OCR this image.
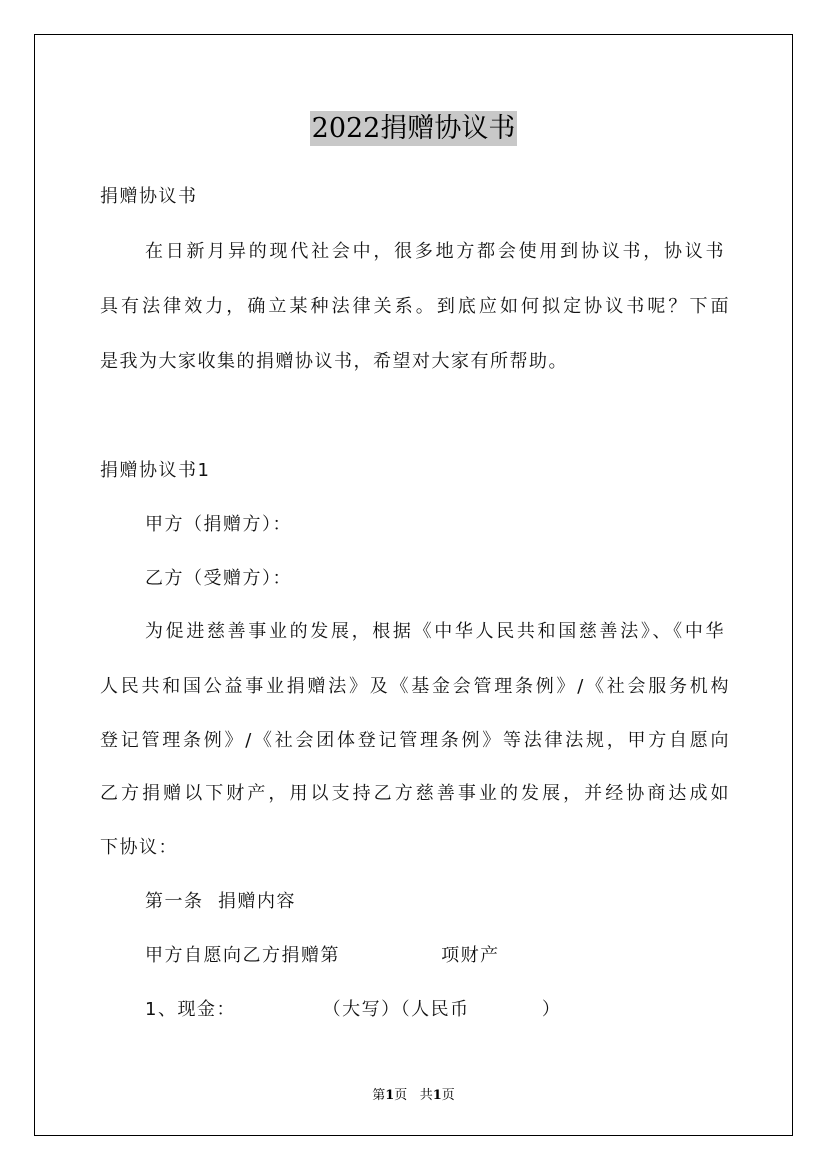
2022捐赠协议书
捐赠协议书
在日新月异的现代社会中，很多地方都会使用到协议书，协议书
具有法律效力，确立某种法律关系。到底应如何拟定协议书呢？下面
是我为大家收集的捐赠协议书，希望对大家有所帮助。
捐赠协议书1
甲方（捐赠方）：
乙方（受赠方）：
为促进慈善事业的发展，根据《中华人民共和国慈善法》、《中华
人民共和国公益事业捐赠法》及《基金会管理条例》/《社会服务机构
登记管理条例》/《社会团体登记管理条例》等法律法规，甲方自愿向
乙方捐赠以下财产，用以支持乙方慈善事业的发展，并经协商达成如
下协议：
第一条  捐赠内容
甲方自愿向乙方捐赠第              项财产
1、现金：            （大写）（人民币          ）
第1页 共1页
